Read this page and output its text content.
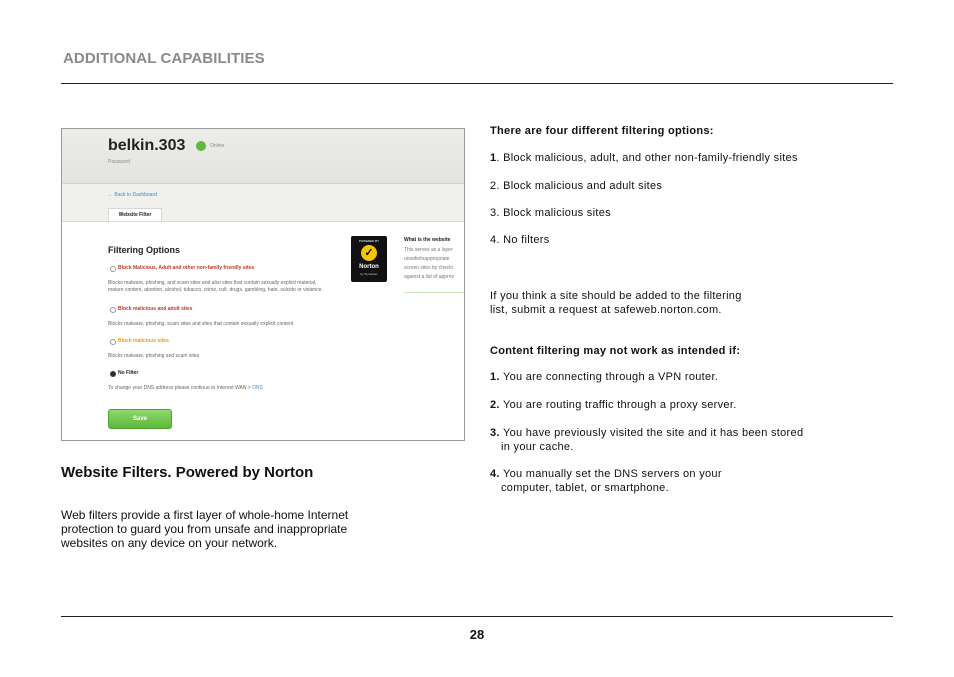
ADDITIONAL CAPABILITIES
belkin.303	Online
Password
← Back to Dashboard
Website Filter
Filtering Options
Block Malicious, Adult and other non-family friendly sites
Blocks malware, phishing, and scam sites and also sites that contain sexually explicit material,
mature content, abortion, alcohol, tobacco, crime, cult, drugs, gambling, hate, suicide or violence.
Block malicious and adult sites
Blocks malware, phishing, scam sites and sites that contain sexually explicit content
Block malicious sites
Blocks malware, phishing and scam sites
No Filter
To change your DNS address please continue to Internet WAN > DNS
Save
POWERED BY
✓
Norton
by Symantec
What is the website
This serves as a layer
unsafe/inappropriate
screen sites by checki
against a list of approv
Website Filters. Powered by Norton
Web filters provide a first layer of whole-home Internet protection to guard you from unsafe and inappropriate websites on any device on your network.
There are four different filtering options:
1. Block malicious, adult, and other non-family-friendly sites
2. Block malicious and adult sites
3. Block malicious sites
4. No filters
If you think a site should be added to the filtering
list, submit a request at safeweb.norton.com.
Content filtering may not work as intended if:
1. You are connecting through a VPN router.
2. You are routing traffic through a proxy server.
3. You have previously visited the site and it has been stored
in your cache.
4. You manually set the DNS servers on your
computer, tablet, or smartphone.
28
